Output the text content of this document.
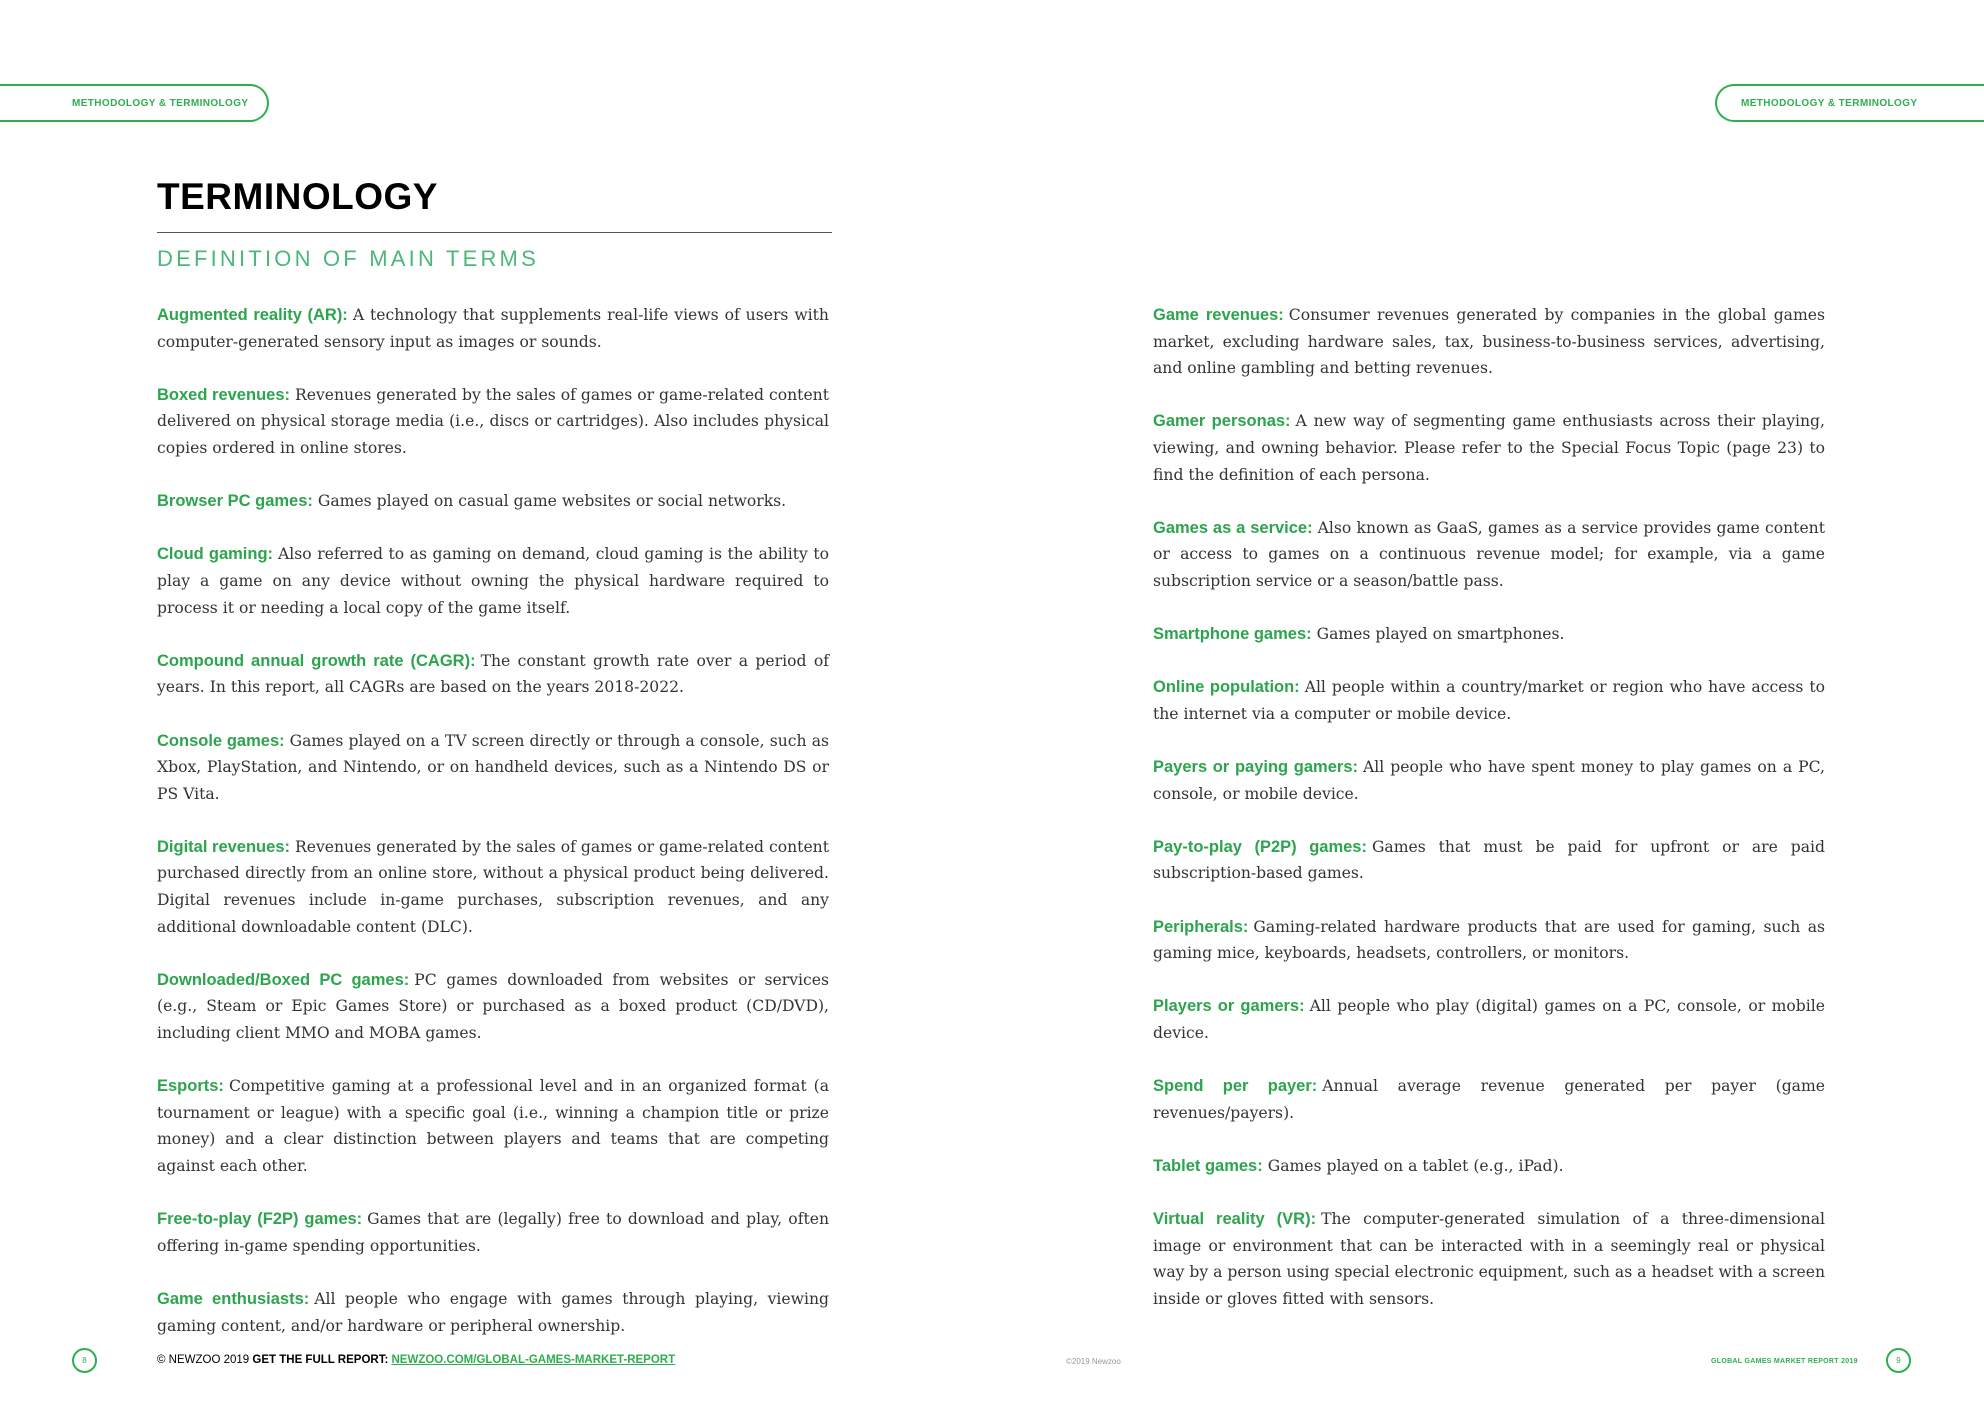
METHODOLOGY & TERMINOLOGY	METHODOLOGY & TERMINOLOGY
TERMINOLOGY
DEFINITION OF MAIN TERMS

Augmented reality (AR): A technology that supplements real-life views of users with computer-generated sensory input as images or sounds.

Boxed revenues: Revenues generated by the sales of games or game-related content delivered on physical storage media (i.e., discs or cartridges). Also includes physical copies ordered in online stores.

Browser PC games: Games played on casual game websites or social networks.

Cloud gaming: Also referred to as gaming on demand, cloud gaming is the ability to play a game on any device without owning the physical hardware required to process it or needing a local copy of the game itself.

Compound annual growth rate (CAGR): The constant growth rate over a period of years. In this report, all CAGRs are based on the years 2018-2022.

Console games: Games played on a TV screen directly or through a console, such as Xbox, PlayStation, and Nintendo, or on handheld devices, such as a Nintendo DS or PS Vita.

Digital revenues: Revenues generated by the sales of games or game-related content purchased directly from an online store, without a physical product being delivered. Digital revenues include in-game purchases, subscription revenues, and any additional downloadable content (DLC).

Downloaded/Boxed PC games: PC games downloaded from websites or services (e.g., Steam or Epic Games Store) or purchased as a boxed product (CD/DVD), including client MMO and MOBA games.

Esports: Competitive gaming at a professional level and in an organized format (a tournament or league) with a specific goal (i.e., winning a champion title or prize money) and a clear distinction between players and teams that are competing against each other.

Free-to-play (F2P) games: Games that are (legally) free to download and play, often offering in-game spending opportunities.

Game enthusiasts: All people who engage with games through playing, viewing gaming content, and/or hardware or peripheral ownership.

Game revenues: Consumer revenues generated by companies in the global games market, excluding hardware sales, tax, business-to-business services, advertising, and online gambling and betting revenues.

Gamer personas: A new way of segmenting game enthusiasts across their playing, viewing, and owning behavior. Please refer to the Special Focus Topic (page 23) to find the definition of each persona.

Games as a service: Also known as GaaS, games as a service provides game content or access to games on a continuous revenue model; for example, via a game subscription service or a season/battle pass.

Smartphone games: Games played on smartphones.

Online population: All people within a country/market or region who have access to the internet via a computer or mobile device.

Payers or paying gamers: All people who have spent money to play games on a PC, console, or mobile device.

Pay-to-play (P2P) games: Games that must be paid for upfront or are paid subscription-based games.

Peripherals: Gaming-related hardware products that are used for gaming, such as gaming mice, keyboards, headsets, controllers, or monitors.

Players or gamers: All people who play (digital) games on a PC, console, or mobile device.

Spend per payer: Annual average revenue generated per payer (game revenues/payers).

Tablet games: Games played on a tablet (e.g., iPad).

Virtual reality (VR): The computer-generated simulation of a three-dimensional image or environment that can be interacted with in a seemingly real or physical way by a person using special electronic equipment, such as a headset with a screen inside or gloves fitted with sensors.

8	© NEWZOO 2019 GET THE FULL REPORT: NEWZOO.COM/GLOBAL-GAMES-MARKET-REPORT	©2019 Newzoo	GLOBAL GAMES MARKET REPORT 2019	9
